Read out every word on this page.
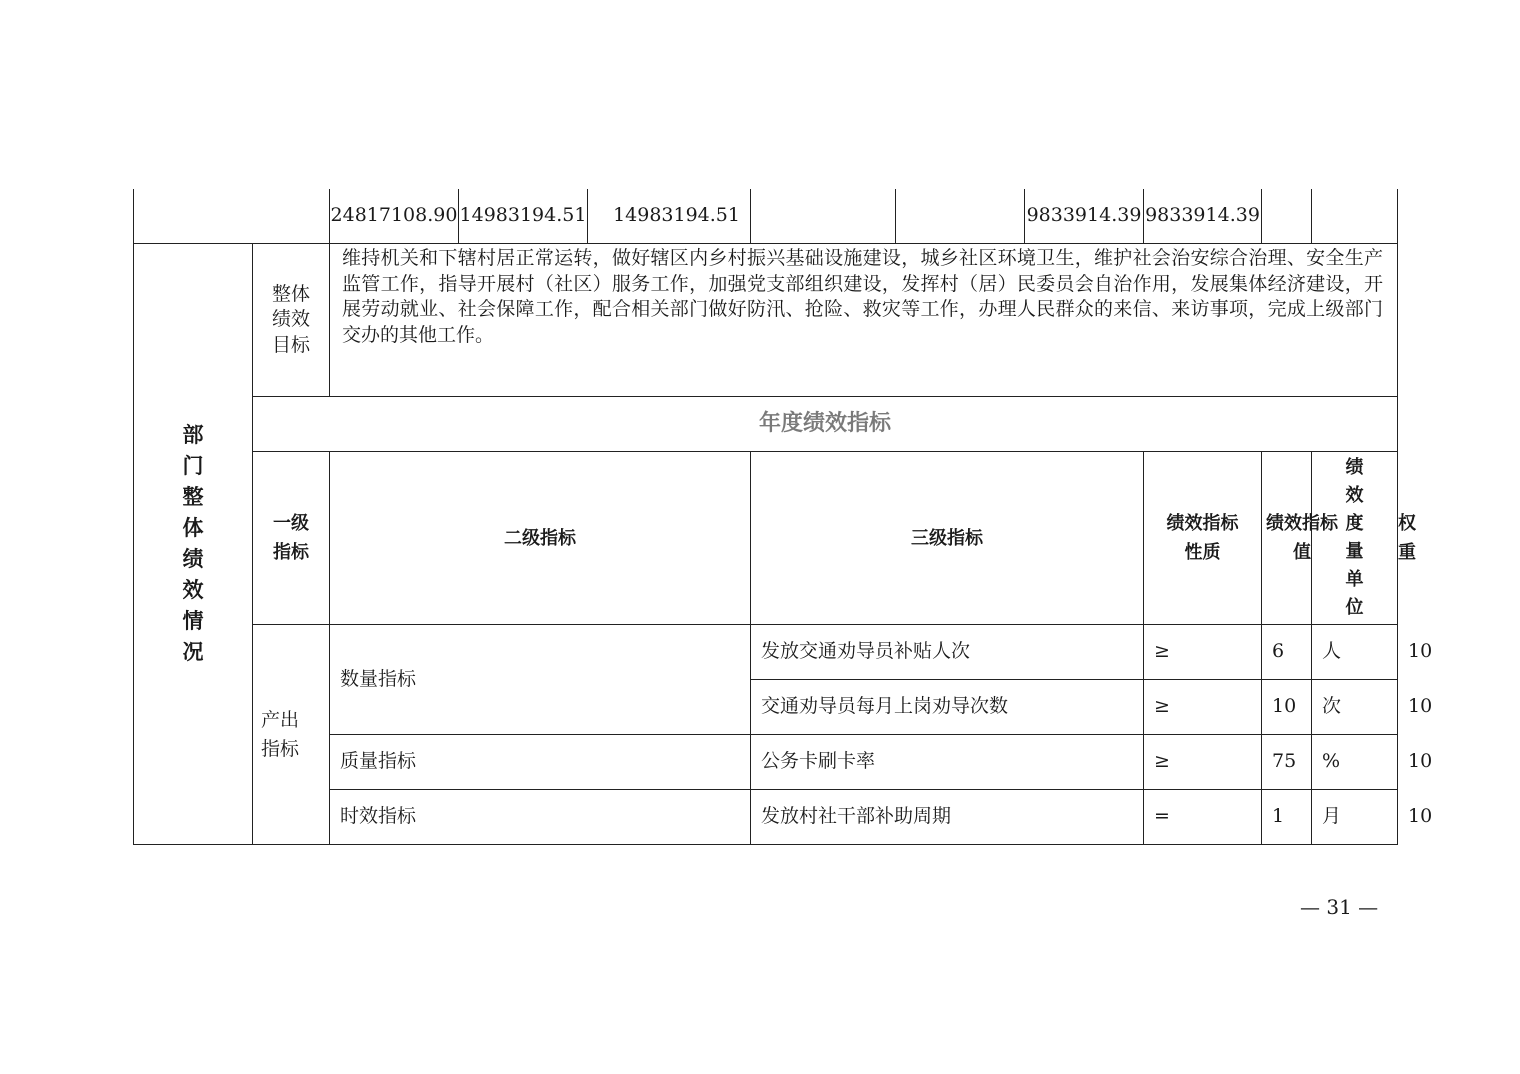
		24817108.90	14983194.51	14983194.51			9833914.39	9833914.39			
部门整体绩效情况	整体绩效目标	维持机关和下辖村居正常运转，做好辖区内乡村振兴基础设施建设，城乡社区环境卫生，维护社会治安综合治理、安全生产监管工作，指导开展村（社区）服务工作，加强党支部组织建设，发挥村（居）民委员会自治作用，发展集体经济建设，开展劳动就业、社会保障工作，配合相关部门做好防汛、抢险、救灾等工作，办理人民群众的来信、来访事项，完成上级部门交办的其他工作。									
	年度绩效指标										
	一级指标	二级指标			三级指标			绩效指标性质	绩效指标值	绩效度量单位	权重
	产出指标	数量指标			发放交通劝导员补贴人次			≥	6	人	10
					交通劝导员每月上岗劝导次数			≥	10	次	10
		质量指标			公务卡刷卡率			≥	75	%	10
		时效指标			发放村社干部补助周期			=	1	月	10
— 31 —
